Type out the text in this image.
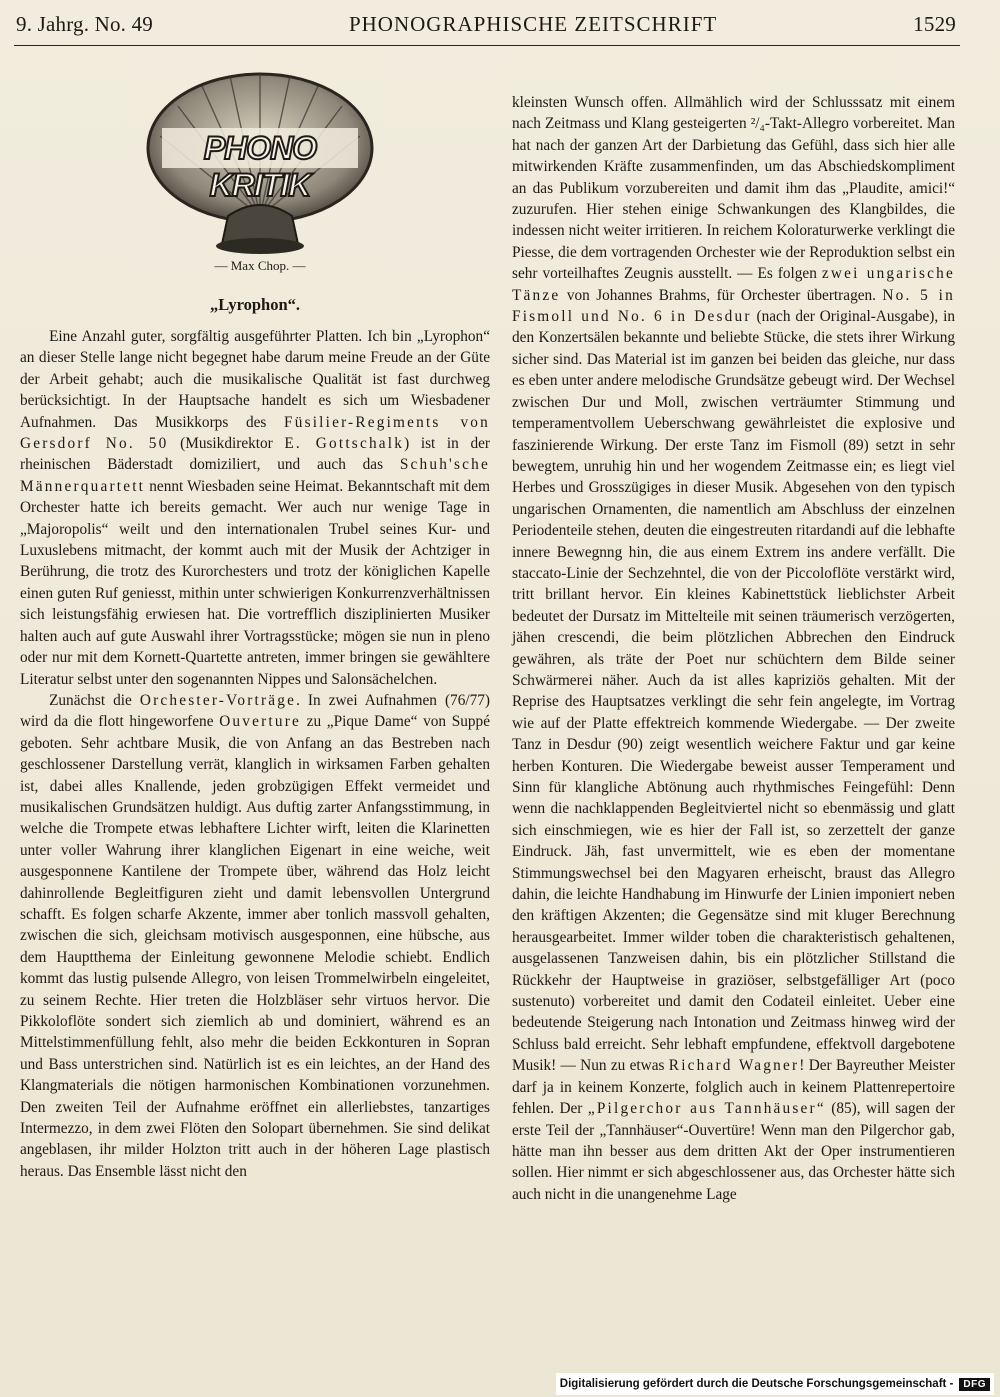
9. Jahrg. No. 49	PHONOGRAPHISCHE ZEITSCHRIFT	1529
PHONO KRITIK
— Max Chop. —
„Lyrophon“.

Eine Anzahl guter, sorgfältig ausgeführter Platten. Ich bin „Lyrophon“ an dieser Stelle lange nicht begegnet habe darum meine Freude an der Güte der Arbeit gehabt; auch die musikalische Qualität ist fast durchweg berücksichtigt. In der Hauptsache handelt es sich um Wiesbadener Aufnahmen. Das Musikkorps des Füsilier-Regiments von Gersdorf No. 50 (Musikdirektor E. Gottschalk) ist in der rheinischen Bäderstadt domiziliert, und auch das Schuh'sche Männerquartett nennt Wiesbaden seine Heimat. Bekanntschaft mit dem Orchester hatte ich bereits gemacht. Wer auch nur wenige Tage in „Majoropolis“ weilt und den internationalen Trubel seines Kur- und Luxuslebens mitmacht, der kommt auch mit der Musik der Achtziger in Berührung, die trotz des Kurorchesters und trotz der königlichen Kapelle einen guten Ruf geniesst, mithin unter schwierigen Konkurrenzverhältnissen sich leistungsfähig erwiesen hat. Die vortrefflich disziplinierten Musiker halten auch auf gute Auswahl ihrer Vortragsstücke; mögen sie nun in pleno oder nur mit dem Kornett-Quartette antreten, immer bringen sie gewähltere Literatur selbst unter den sogenannten Nippes und Salonsächelchen.

Zunächst die Orchester-Vorträge. In zwei Aufnahmen (76/77) wird da die flott hingeworfene Ouverture zu „Pique Dame“ von Suppé geboten. Sehr achtbare Musik, die von Anfang an das Bestreben nach geschlossener Darstellung verrät, klanglich in wirksamen Farben gehalten ist, dabei alles Knallende, jeden grobzügigen Effekt vermeidet und musikalischen Grundsätzen huldigt. Aus duftig zarter Anfangsstimmung, in welche die Trompete etwas lebhaftere Lichter wirft, leiten die Klarinetten unter voller Wahrung ihrer klanglichen Eigenart in eine weiche, weit ausgesponnene Kantilene der Trompete über, während das Holz leicht dahinrollende Begleitfiguren zieht und damit lebensvollen Untergrund schafft. Es folgen scharfe Akzente, immer aber tonlich massvoll gehalten, zwischen die sich, gleichsam motivisch ausgesponnen, eine hübsche, aus dem Hauptthema der Einleitung gewonnene Melodie schiebt. Endlich kommt das lustig pulsende Allegro, von leisen Trommelwirbeln eingeleitet, zu seinem Rechte. Hier treten die Holzbläser sehr virtuos hervor. Die Pikkoloflöte sondert sich ziemlich ab und dominiert, während es an Mittelstimmenfüllung fehlt, also mehr die beiden Eckkonturen in Sopran und Bass unterstrichen sind. Natürlich ist es ein leichtes, an der Hand des Klangmaterials die nötigen harmonischen Kombinationen vorzunehmen. Den zweiten Teil der Aufnahme eröffnet ein allerliebstes, tanzartiges Intermezzo, in dem zwei Flöten den Solopart übernehmen. Sie sind delikat angeblasen, ihr milder Holzton tritt auch in der höheren Lage plastisch heraus. Das Ensemble lässt nicht den

kleinsten Wunsch offen. Allmählich wird der Schlusssatz mit einem nach Zeitmass und Klang gesteigerten ²/₄-Takt-Allegro vorbereitet. Man hat nach der ganzen Art der Darbietung das Gefühl, dass sich hier alle mitwirkenden Kräfte zusammenfinden, um das Abschiedskompliment an das Publikum vorzubereiten und damit ihm das „Plaudite, amici!“ zuzurufen. Hier stehen einige Schwankungen des Klangbildes, die indessen nicht weiter irritieren. In reichem Koloraturwerke verklingt die Piesse, die dem vortragenden Orchester wie der Reproduktion selbst ein sehr vorteilhaftes Zeugnis ausstellt. — Es folgen zwei ungarische Tänze von Johannes Brahms, für Orchester übertragen. No. 5 in Fismoll und No. 6 in Desdur (nach der Original-Ausgabe), in den Konzertsälen bekannte und beliebte Stücke, die stets ihrer Wirkung sicher sind. Das Material ist im ganzen bei beiden das gleiche, nur dass es eben unter andere melodische Grundsätze gebeugt wird. Der Wechsel zwischen Dur und Moll, zwischen verträumter Stimmung und temperamentvollem Ueberschwang gewährleistet die explosive und faszinierende Wirkung. Der erste Tanz im Fismoll (89) setzt in sehr bewegtem, unruhig hin und her wogendem Zeitmasse ein; es liegt viel Herbes und Grosszügiges in dieser Musik. Abgesehen von den typisch ungarischen Ornamenten, die namentlich am Abschluss der einzelnen Periodenteile stehen, deuten die eingestreuten ritardandi auf die lebhafte innere Bewegnng hin, die aus einem Extrem ins andere verfällt. Die staccato-Linie der Sechzehntel, die von der Piccoloflöte verstärkt wird, tritt brillant hervor. Ein kleines Kabinettstück lieblichster Arbeit bedeutet der Dursatz im Mittelteile mit seinen träumerisch verzögerten, jähen crescendi, die beim plötzlichen Abbrechen den Eindruck gewähren, als träte der Poet nur schüchtern dem Bilde seiner Schwärmerei näher. Auch da ist alles kapriziös gehalten. Mit der Reprise des Hauptsatzes verklingt die sehr fein angelegte, im Vortrag wie auf der Platte effektreich kommende Wiedergabe. — Der zweite Tanz in Desdur (90) zeigt wesentlich weichere Faktur und gar keine herben Konturen. Die Wiedergabe beweist ausser Temperament und Sinn für klangliche Abtönung auch rhythmisches Feingefühl: Denn wenn die nachklappenden Begleitviertel nicht so ebenmässig und glatt sich einschmiegen, wie es hier der Fall ist, so zerzettelt der ganze Eindruck. Jäh, fast unvermittelt, wie es eben der momentane Stimmungswechsel bei den Magyaren erheischt, braust das Allegro dahin, die leichte Handhabung im Hinwurfe der Linien imponiert neben den kräftigen Akzenten; die Gegensätze sind mit kluger Berechnung herausgearbeitet. Immer wilder toben die charakteristisch gehaltenen, ausgelassenen Tanzweisen dahin, bis ein plötzlicher Stillstand die Rückkehr der Hauptweise in graziöser, selbstgefälliger Art (poco sustenuto) vorbereitet und damit den Codateil einleitet. Ueber eine bedeutende Steigerung nach Intonation und Zeitmass hinweg wird der Schluss bald erreicht. Sehr lebhaft empfundene, effektvoll dargebotene Musik! — Nun zu etwas Richard Wagner! Der Bayreuther Meister darf ja in keinem Konzerte, folglich auch in keinem Plattenrepertoire fehlen. Der „Pilgerchor aus Tannhäuser“ (85), will sagen der erste Teil der „Tannhäuser“-Ouvertüre! Wenn man den Pilgerchor gab, hätte man ihn besser aus dem dritten Akt der Oper instrumentieren sollen. Hier nimmt er sich abgeschlossener aus, das Orchester hätte sich auch nicht in die unangenehme Lage

Digitalisierung gefördert durch die Deutsche Forschungsgemeinschaft -	DFG
